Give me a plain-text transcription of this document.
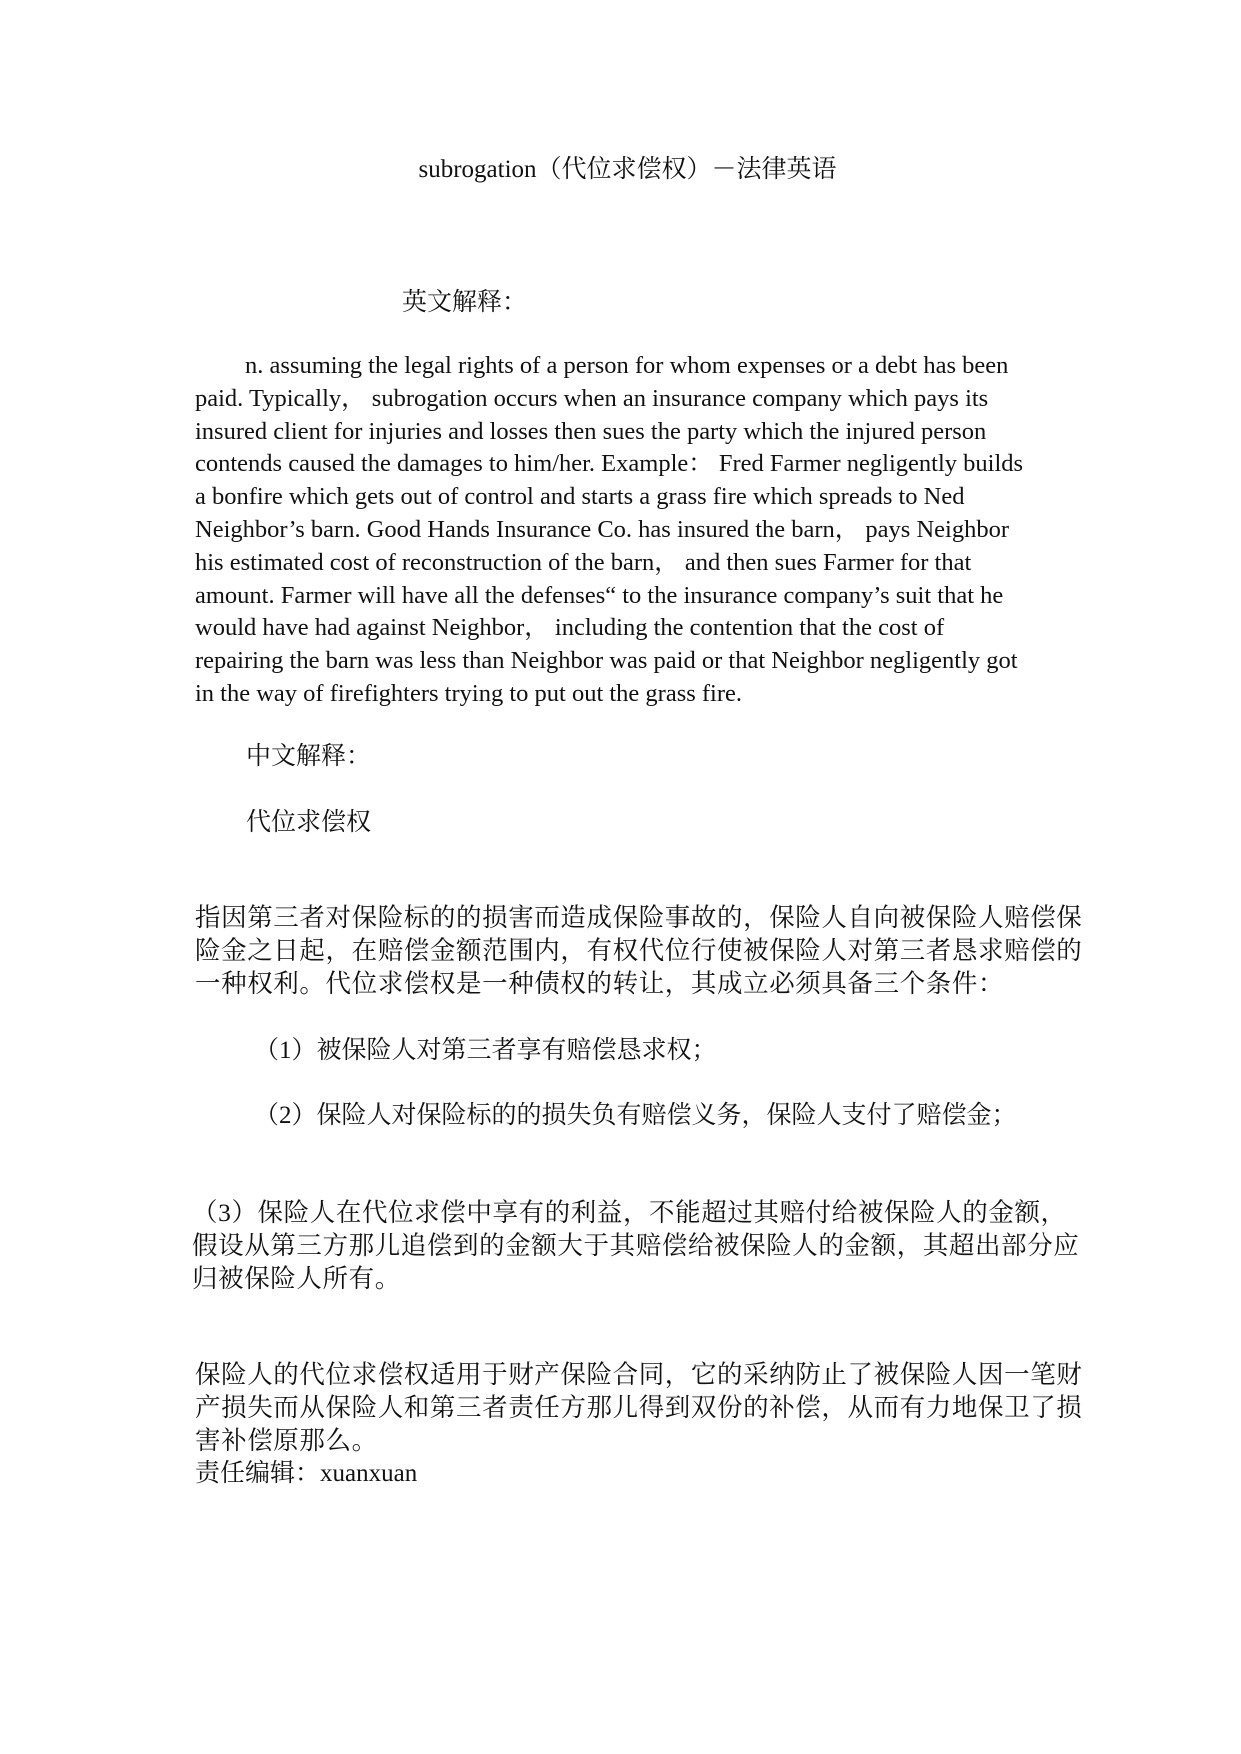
subrogation（代位求偿权）－法律英语
英文解释：
n. assuming the legal rights of a person for whom expenses or a debt has been
paid. Typically， subrogation occurs when an insurance company which pays its
insured client for injuries and losses then sues the party which the injured person
contends caused the damages to him/her. Example： Fred Farmer negligently builds
a bonfire which gets out of control and starts a grass fire which spreads to Ned
Neighbor’s barn. Good Hands Insurance Co. has insured the barn， pays Neighbor
his estimated cost of reconstruction of the barn， and then sues Farmer for that
amount. Farmer will have all the defenses“ to the insurance company’s suit that he
would have had against Neighbor， including the contention that the cost of
repairing the barn was less than Neighbor was paid or that Neighbor negligently got
in the way of firefighters trying to put out the grass fire.
中文解释：
代位求偿权
指因第三者对保险标的的损害而造成保险事故的，保险人自向被保险人赔偿保
险金之日起，在赔偿金额范围内，有权代位行使被保险人对第三者恳求赔偿的
一种权利。代位求偿权是一种债权的转让，其成立必须具备三个条件：
（1）被保险人对第三者享有赔偿恳求权；
（2）保险人对保险标的的损失负有赔偿义务，保险人支付了赔偿金；
（3）保险人在代位求偿中享有的利益，不能超过其赔付给被保险人的金额，
假设从第三方那儿追偿到的金额大于其赔偿给被保险人的金额，其超出部分应
归被保险人所有。
保险人的代位求偿权适用于财产保险合同，它的采纳防止了被保险人因一笔财
产损失而从保险人和第三者责任方那儿得到双份的补偿，从而有力地保卫了损
害补偿原那么。
责任编辑：xuanxuan
